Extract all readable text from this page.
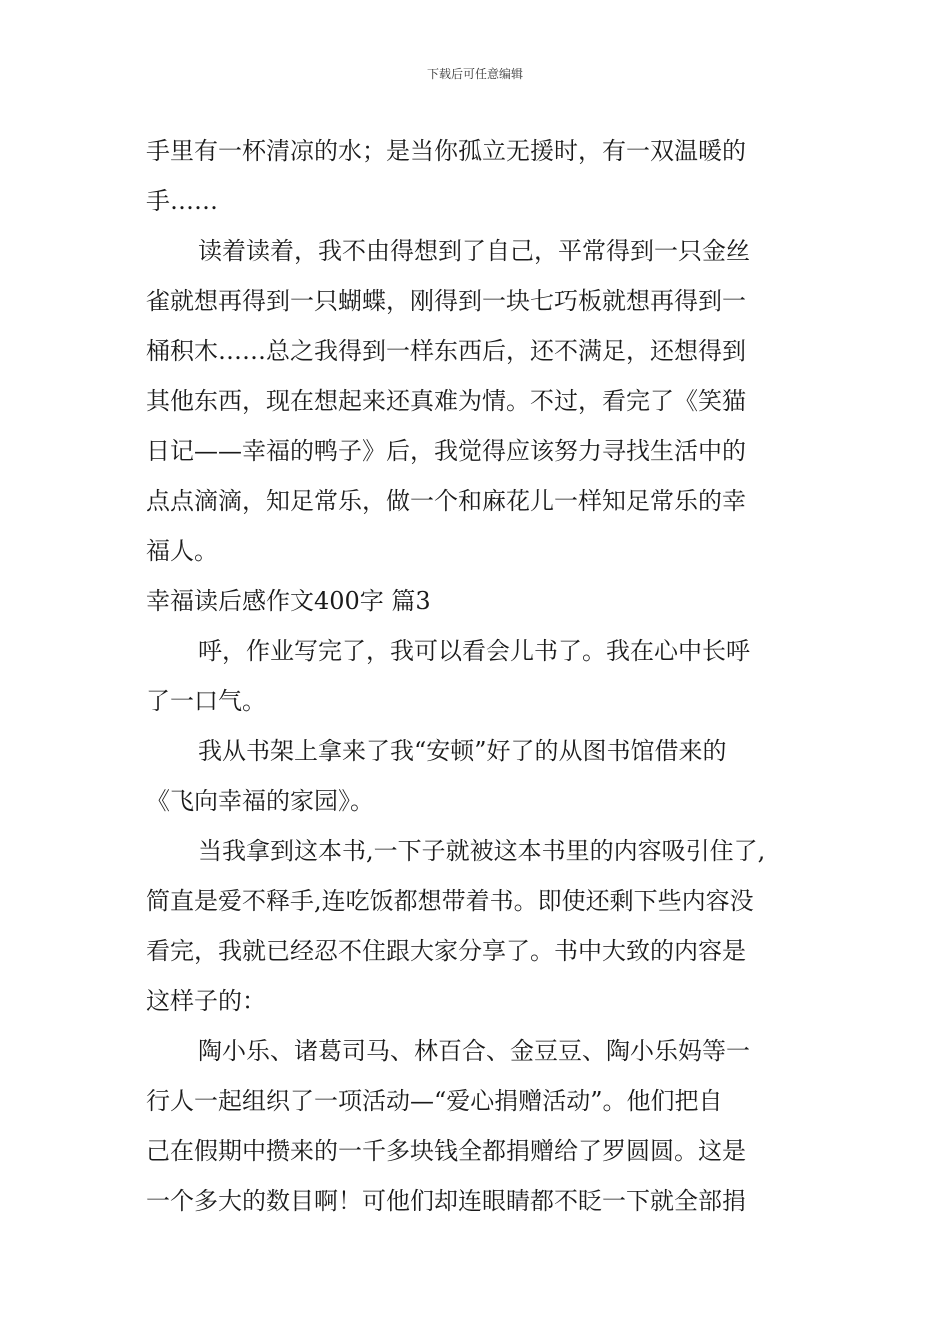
下载后可任意编辑
手里有一杯清凉的水；是当你孤立无援时，有一双温暖的
手……
读着读着，我不由得想到了自己，平常得到一只金丝
雀就想再得到一只蝴蝶，刚得到一块七巧板就想再得到一
桶积木……总之我得到一样东西后，还不满足，还想得到
其他东西，现在想起来还真难为情。不过，看完了《笑猫
日记——幸福的鸭子》后，我觉得应该努力寻找生活中的
点点滴滴，知足常乐，做一个和麻花儿一样知足常乐的幸
福人。
幸福读后感作文400字 篇3
呼，作业写完了，我可以看会儿书了。我在心中长呼
了一口气。
我从书架上拿来了我“安顿”好了的从图书馆借来的
《飞向幸福的家园》。
当我拿到这本书,一下子就被这本书里的内容吸引住了,
简直是爱不释手,连吃饭都想带着书。即使还剩下些内容没
看完，我就已经忍不住跟大家分享了。书中大致的内容是
这样子的：
陶小乐、诸葛司马、林百合、金豆豆、陶小乐妈等一
行人一起组织了一项活动—“爱心捐赠活动”。他们把自
己在假期中攒来的一千多块钱全都捐赠给了罗圆圆。这是
一个多大的数目啊！可他们却连眼睛都不眨一下就全部捐
